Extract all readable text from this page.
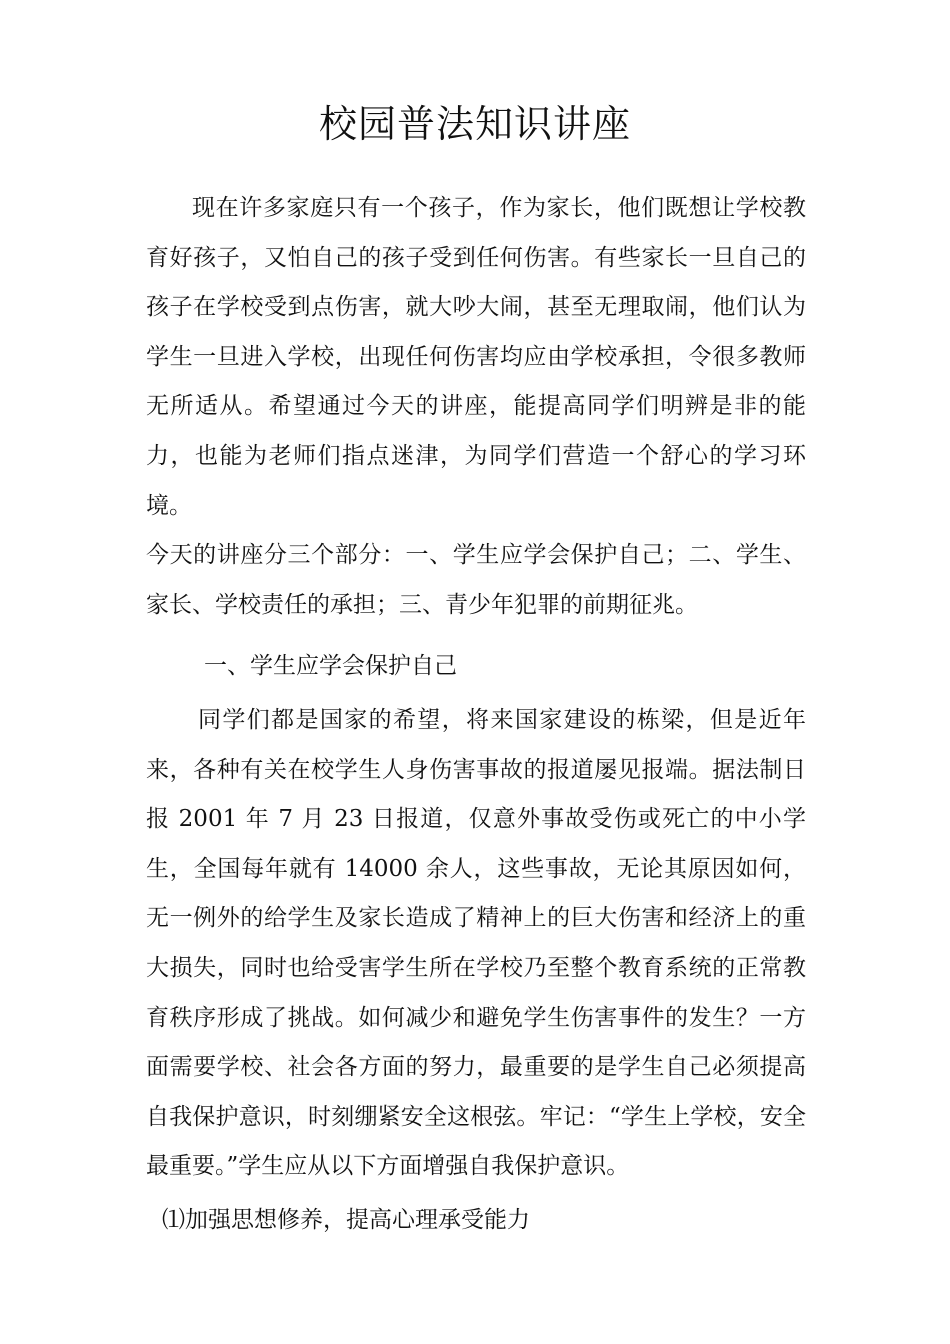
校园普法知识讲座

现在许多家庭只有一个孩子，作为家长，他们既想让学校教育好孩子，又怕自己的孩子受到任何伤害。有些家长一旦自己的孩子在学校受到点伤害，就大吵大闹，甚至无理取闹，他们认为学生一旦进入学校，出现任何伤害均应由学校承担，令很多教师无所适从。希望通过今天的讲座，能提高同学们明辨是非的能力，也能为老师们指点迷津，为同学们营造一个舒心的学习环境。

今天的讲座分三个部分：一、学生应学会保护自己；二、学生、家长、学校责任的承担；三、青少年犯罪的前期征兆。

一、学生应学会保护自己

同学们都是国家的希望，将来国家建设的栋梁，但是近年来，各种有关在校学生人身伤害事故的报道屡见报端。据法制日报 2001 年 7 月 23 日报道，仅意外事故受伤或死亡的中小学生，全国每年就有 14000 余人，这些事故，无论其原因如何，无一例外的给学生及家长造成了精神上的巨大伤害和经济上的重大损失，同时也给受害学生所在学校乃至整个教育系统的正常教育秩序形成了挑战。如何减少和避免学生伤害事件的发生？一方面需要学校、社会各方面的努力，最重要的是学生自己必须提高自我保护意识，时刻绷紧安全这根弦。牢记：“学生上学校，安全最重要。”学生应从以下方面增强自我保护意识。

⑴加强思想修养，提高心理承受能力
